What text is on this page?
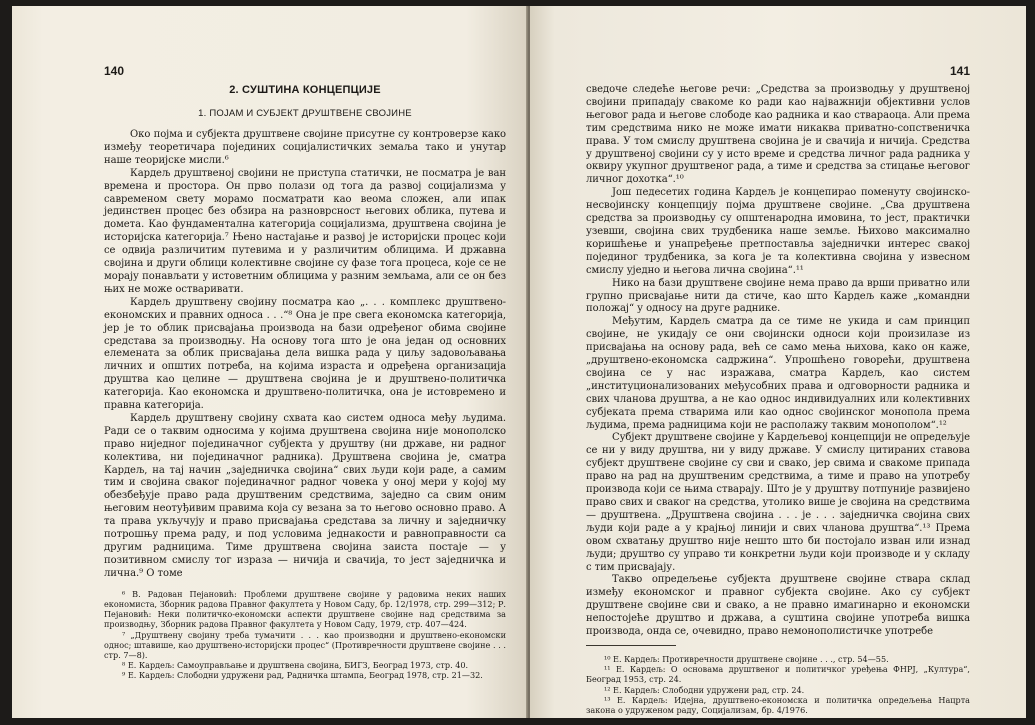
140
2. СУШТИНА КОНЦЕПЦИЈЕ
1. ПОЈАМ И СУБЈЕКТ ДРУШТВЕНЕ СВОЈИНЕ

Око појма и субјекта друштвене својине присутне су контроверзе како између теоретичара појединих социјалистичких земаља тако и унутар наше теоријске мисли.⁶

Кардељ друштвеној својини не приступа статички, не посматра је ван времена и простора. Он прво полази од тога да развој социјализма у савременом свету морамо посматрати као веома сложен, али ипак јединствен процес без обзира на разноврсност његових облика, путева и домета. Као фундаментална категорија социјализма, друштвена својина је историјска категорија.⁷ Њено настајање и развој је историјски процес који се одвија различитим путевима и у различитим облицима. И државна својина и други облици колективне својине су фазе тога процеса, које се не морају понављати у истоветним облицима у разним земљама, али се он без њих не може остваривати.

Кардељ друштвену својину посматра као „. . . комплекс друштвено-економских и правних односа . . .“⁸ Она је пре свега економска категорија, јер је то облик присвајања производа на бази одређеног обима својине средстава за производњу. На основу тога што је она један од основних елемената за облик присвајања дела вишка рада у циљу задовољавања личних и општих потреба, на којима израста и одређена организација друштва као целине — друштвена својина је и друштвено-политичка категорија. Као економска и друштвено-политичка, она је истовремено и правна категорија.

Кардељ друштвену својину схвата као систем односа међу људима. Ради се о таквим односима у којима друштвена својина није монополско право ниједног појединачног субјекта у друштву (ни државе, ни радног колектива, ни појединачног радника). Друштвена својина је, сматра Кардељ, на тај начин „заједничка својина“ свих људи који раде, а самим тим и својина сваког појединачног радног човека у оној мери у којој му обезбеђује право рада друштвеним средствима, заједно са свим оним његовим неотуђивим правима која су везана за то његово основно право. А та права укључују и право присвајања средстава за личну и заједничку потрошњу према раду, и под условима једнакости и равноправности са другим радницима. Тиме друштвена својина заиста постаје — у позитивном смислу тог израза — ничија и свачија, то јест заједничка и лична.⁹ О томе

⁶ В. Радован Пејановић: Проблеми друштвене својине у радовима неких наших економиста, Зборник радова Правног факултета у Новом Саду, бр. 12/1978, стр. 299—312; Р. Пејановић: Неки политичко-економски аспекти друштвене својине над средствима за производњу, Зборник радова Правног факултета у Новом Саду, 1979, стр. 407—424.

⁷ „Друштвену својину треба тумачити . . . као производни и друштвено-економски однос; штавише, као друштвено-историјски процес“ (Противречности друштвене својине . . . стр. 7—8).

⁸ Е. Кардељ: Самоуправљање и друштвена својина, БИГЗ, Београд 1973, стр. 40.

⁹ Е. Кардељ: Слободни удружени рад, Радничка штампа, Београд 1978, стр. 21—32.

141

сведоче следеће његове речи: „Средства за производњу у друштвеној својини припадају свакоме ко ради као најважнији објективни услов његовог рада и његове слободе као радника и као ствараоца. Али према тим средствима нико не може имати никаква приватно-сопственичка права. У том смислу друштвена својина је и свачија и ничија. Средства у друштвеној својини су у исто време и средства личног рада радника у оквиру укупног друштвеног рада, а тиме и средства за стицање његовог личног дохотка“.¹⁰

Још педесетих година Кардељ је концепирао поменуту својинско-несвојинску концепцију појма друштвене својине. „Сва друштвена средства за производњу су општенародна имовина, то јест, практички узевши, својина свих трудбеника наше земље. Њихово максимално коришћење и унапређење претпоставља заједнички интерес свакој појединог трудбеника, за кога је та колективна својина у извесном смислу уједно и његова лична својина“.¹¹

Нико на бази друштвене својине нема право да врши приватно или групно присвајање нити да стиче, као што Кардељ каже „командни положај“ у односу на друге раднике.

Међутим, Кардељ сматра да се тиме не укида и сам принцип својине, не укидају се они својински односи који произилазе из присвајања на основу рада, већ се само мења њихова, како он каже, „друштвено-економска садржина“. Упрошћено говорећи, друштвена својина се у нас изражава, сматра Кардељ, као систем „институционализованих међусобних права и одговорности радника и свих чланова друштва, а не као однос индивидуалних или колективних субјеката према стварима или као однос својинског монопола према људима, према радницима који не располажу таквим монополом“.¹²

Субјект друштвене својине у Кардељевој концепцији не опредељује се ни у виду друштва, ни у виду државе. У смислу цитираних ставова субјект друштвене својине су сви и свако, јер свима и свакоме припада право на рад на друштвеним средствима, а тиме и право на употребу производа који се њима стварају. Што је у друштву потпуније развијено право свих и сваког на средства, утолико више је својина на средствима — друштвена. „Друштвена својина . . . је . . . заједничка својина свих људи који раде а у крајњој линији и свих чланова друштва“.¹³ Према овом схватању друштво није нешто што би постојало изван или изнад људи; друштво су управо ти конкретни људи који производе и у складу с тим присвајају.

Такво опредељење субјекта друштвене својине ствара склад између економског и правног субјекта својине. Ако су субјект друштвене својине сви и свако, а не правно имагинарно и економски непостојеће друштво и држава, а суштина својине употреба вишка производа, онда се, очевидно, право немонополистичке употребе

¹⁰ Е. Кардељ: Противречности друштвене својине . . ., стр. 54—55.

¹¹ Е. Кардељ: О основама друштвеног и политичког уређења ФНРЈ, „Култура“, Београд 1953, стр. 24.

¹² Е. Кардељ: Слободни удружени рад, стр. 24.

¹³ Е. Кардељ: Идејна, друштвено-економска и политичка опредељења Нацрта закона о удруженом раду, Социјализам, бр. 4/1976.
